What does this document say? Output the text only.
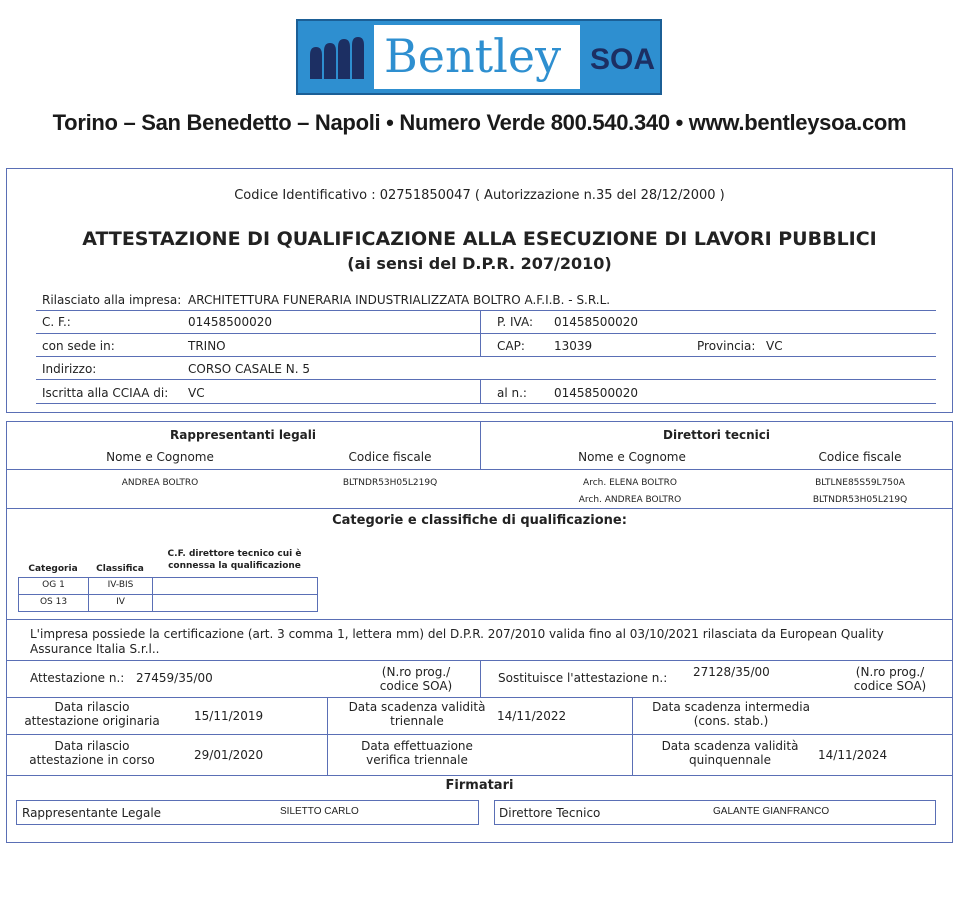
Bentley SOA
Torino – San Benedetto – Napoli • Numero Verde 800.540.340 • www.bentleysoa.com
Codice Identificativo : 02751850047 ( Autorizzazione n.35 del 28/12/2000 )
ATTESTAZIONE DI QUALIFICAZIONE ALLA ESECUZIONE DI LAVORI PUBBLICI
(ai sensi del D.P.R. 207/2010)
Rilasciato alla impresa: ARCHITETTURA FUNERARIA INDUSTRIALIZZATA BOLTRO A.F.I.B. - S.R.L.
C. F.:	01458500020	P. IVA: 01458500020
con sede in:	TRINO	CAP: 13039	Provincia: VC
Indirizzo:	CORSO CASALE N. 5
Iscritta alla CCIAA di: VC	al n.: 01458500020
Rappresentanti legali
Nome e Cognome	Codice fiscale
ANDREA BOLTRO	BLTNDR53H05L219Q
Direttori tecnici
Nome e Cognome	Codice fiscale
Arch. ELENA BOLTRO	BLTLNE85S59L750A
Arch. ANDREA BOLTRO	BLTNDR53H05L219Q
Categorie e classifiche di qualificazione:
Categoria	Classifica
C.F. direttore tecnico cui è connessa la qualificazione
OG 1	IV-BIS
OS 13	IV
L'impresa possiede la certificazione (art. 3 comma 1, lettera mm) del D.P.R. 207/2010 valida fino al 03/10/2021 rilasciata da European Quality Assurance Italia S.r.l..
Attestazione n.: 27459/35/00	(N.ro prog./ codice SOA)
Sostituisce l'attestazione n.: 27128/35/00	(N.ro prog./ codice SOA)
Data rilascio attestazione originaria	15/11/2019
Data scadenza validità triennale	14/11/2022
Data scadenza intermedia (cons. stab.)
Data rilascio attestazione in corso	29/01/2020
Data effettuazione verifica triennale
Data scadenza validità quinquennale	14/11/2024
Firmatari
Rappresentante Legale	SILETTO CARLO	Direttore Tecnico	GALANTE GIANFRANCO
